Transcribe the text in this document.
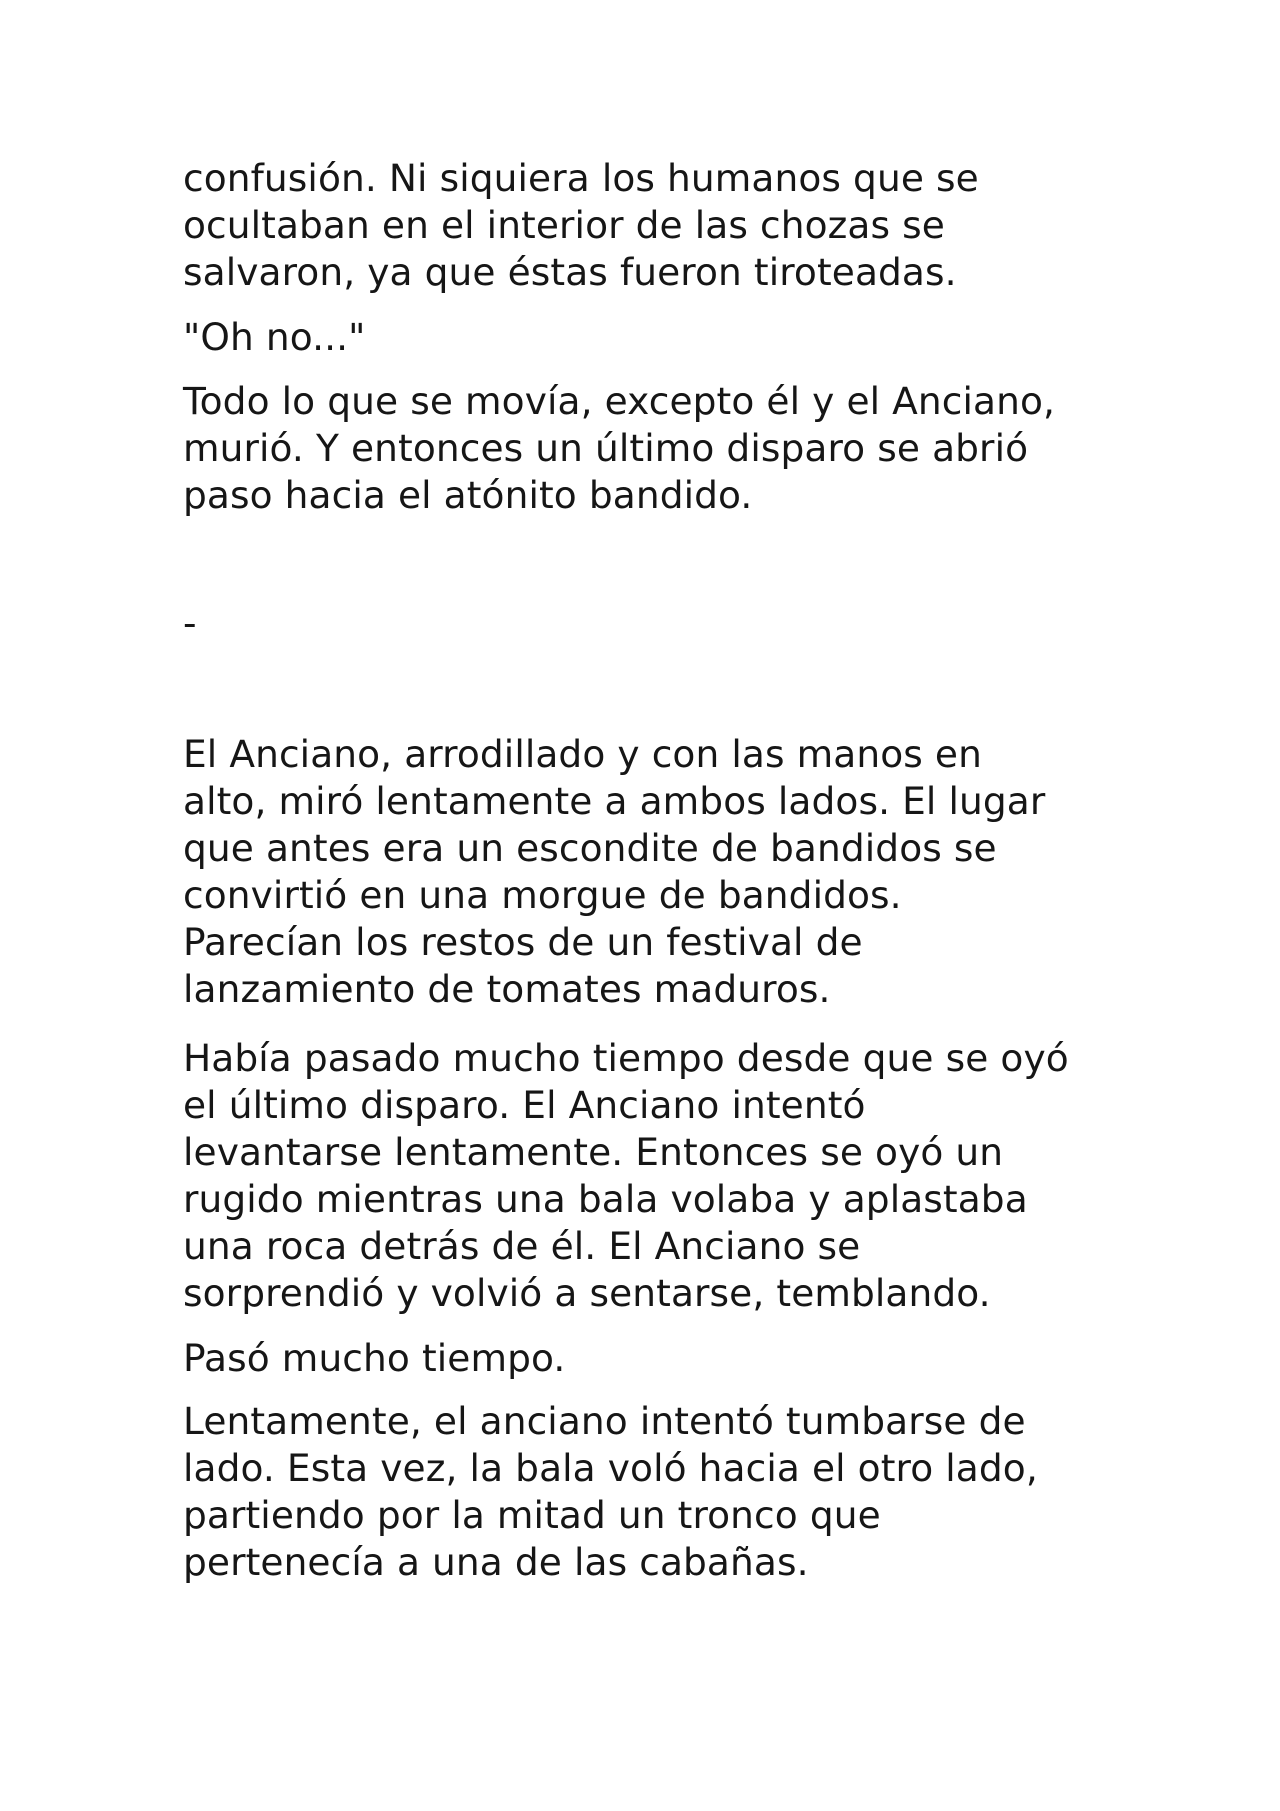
confusión. Ni siquiera los humanos que se
ocultaban en el interior de las chozas se
salvaron, ya que éstas fueron tiroteadas.

"Oh no..."

Todo lo que se movía, excepto él y el Anciano,
murió. Y entonces un último disparo se abrió
paso hacia el atónito bandido.

-

El Anciano, arrodillado y con las manos en
alto, miró lentamente a ambos lados. El lugar
que antes era un escondite de bandidos se
convirtió en una morgue de bandidos.
Parecían los restos de un festival de
lanzamiento de tomates maduros.

Había pasado mucho tiempo desde que se oyó
el último disparo. El Anciano intentó
levantarse lentamente. Entonces se oyó un
rugido mientras una bala volaba y aplastaba
una roca detrás de él. El Anciano se
sorprendió y volvió a sentarse, temblando.

Pasó mucho tiempo.

Lentamente, el anciano intentó tumbarse de
lado. Esta vez, la bala voló hacia el otro lado,
partiendo por la mitad un tronco que
pertenecía a una de las cabañas.
